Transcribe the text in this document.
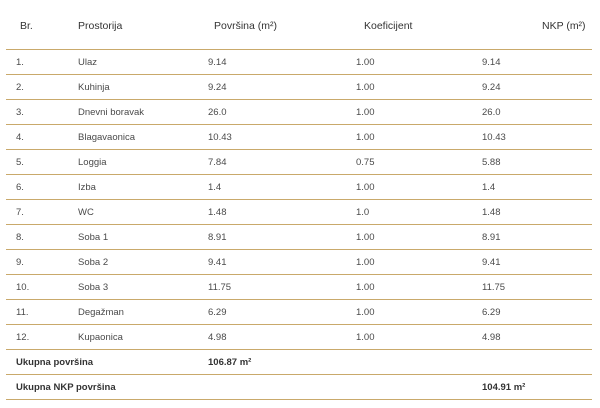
Br.	Prostorija	Površina (m²)	Koeficijent	NKP (m²)
1.	Ulaz	9.14	1.00	9.14
2.	Kuhinja	9.24	1.00	9.24
3.	Dnevni boravak	26.0	1.00	26.0
4.	Blagavaonica	10.43	1.00	10.43
5.	Loggia	7.84	0.75	5.88
6.	Izba	1.4	1.00	1.4
7.	WC	1.48	1.0	1.48
8.	Soba 1	8.91	1.00	8.91
9.	Soba 2	9.41	1.00	9.41
10.	Soba 3	11.75	1.00	11.75
11.	Degažman	6.29	1.00	6.29
12.	Kupaonica	4.98	1.00	4.98
Ukupna površina		106.87 m²		
Ukupna NKP površina				104.91 m²
